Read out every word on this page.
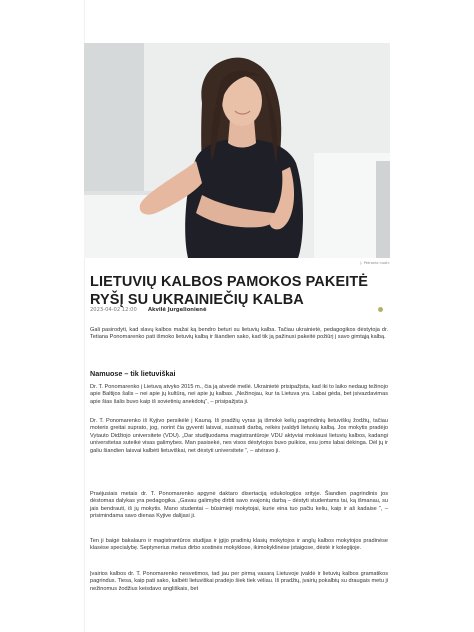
J. Petronio nuotr.
LIETUVIŲ KALBOS PAMOKOS PAKEITĖ RYŠĮ SU UKRAINIEČIŲ KALBA
2023-04-02 12:00 Akvilė Jurgelionienė

Gali pasirodyti, kad slavų kalbos mažai ką bendro beturi su lietuvių kalba. Tačiau ukrainietė, pedagogikos dėstytoja dr. Tetiana Ponomarenko pati išmoko lietuvių kalbą ir šiandien sako, kad tik ją pažinusi pakeitė požiūrį į savo gimtąją kalbą.

Namuose – tik lietuviškai

Dr. T. Ponomarenko į Lietuvą atvyko 2015 m., čia ją atvedė meilė. Ukrainietė prisipažįsta, kad iki to laiko nedaug težinojo apie Baltijos šalis – nei apie jų kultūrą, nei apie jų kalbas. „Nežinojau, kur ta Lietuva yra. Labai gėda, bet įsivazdavimas apie šias šalis buvo kaip iš sovietinių anekdotų“, – prisipažįsta ji.

Dr. T. Ponomarenko iš Kyjivo persikėlė į Kauną. Iš pradžių vyras ją išmokė kelių pagrindinių lietuviškų žodžių, tačiau moteris greitai suprato, jog, norint čia gyventi laisvai, susirasti darbą, reikės įvaldyti lietuvių kalbą. Jos mokytis pradėjo Vytauto Didžiojo universitete (VDU). „Dar studijuodama magistrantūroje VDU aktyviai mokiausi lietuvių kalbos, kadangi universitetas suteikė visas galimybes. Man pasisekė, nes visos dėstytojos buvo puikios, esu joms labai dėkinga. Dėl jų ir galiu šiandien laisvai kalbėti lietuviškai, net dėstyti universitete “, – atviravo ji.

Praėjusiais metais dr. T. Ponomarenko apgynė daktaro disertaciją edukologijos srityje. Šiandien pagrindinis jos dėstomas dalykas yra pedagogika. „Gavau galimybę dirbti savo svajonių darbą – dėstyti studentams tai, ką išmanau, su jais bendrauti, iš jų mokytis. Mano studentai – būsimieji mokytojai, kurie eina tuo pačiu keliu, kaip ir aš kadaise “, – prisimindama savo dienas Kyjive dalijasi ji.

Ten ji baigė bakalauro ir magistrantūros studijas ir įgijo pradinių klasių mokytojos ir anglų kalbos mokytojos pradinėse klasėse specialybę. Septynerius metus dirbo sostinės mokyklose, ikimokyklinėse įstaigose, dėstė ir kolegijoje.

Įvairios kalbos dr. T. Ponomarenko nesvetimos, tad jau per pirmą vasarą Lietuvoje įvaldė ir lietuvių kalbos gramatikos pagrindus. Tiesa, kaip pati sako, kalbėti lietuviškai pradėjo šiek tiek vėliau. Iš pradžių, įvairių pokalbių su draugais metu ji nežinomus žodžius keisdavo angliškais, bet
